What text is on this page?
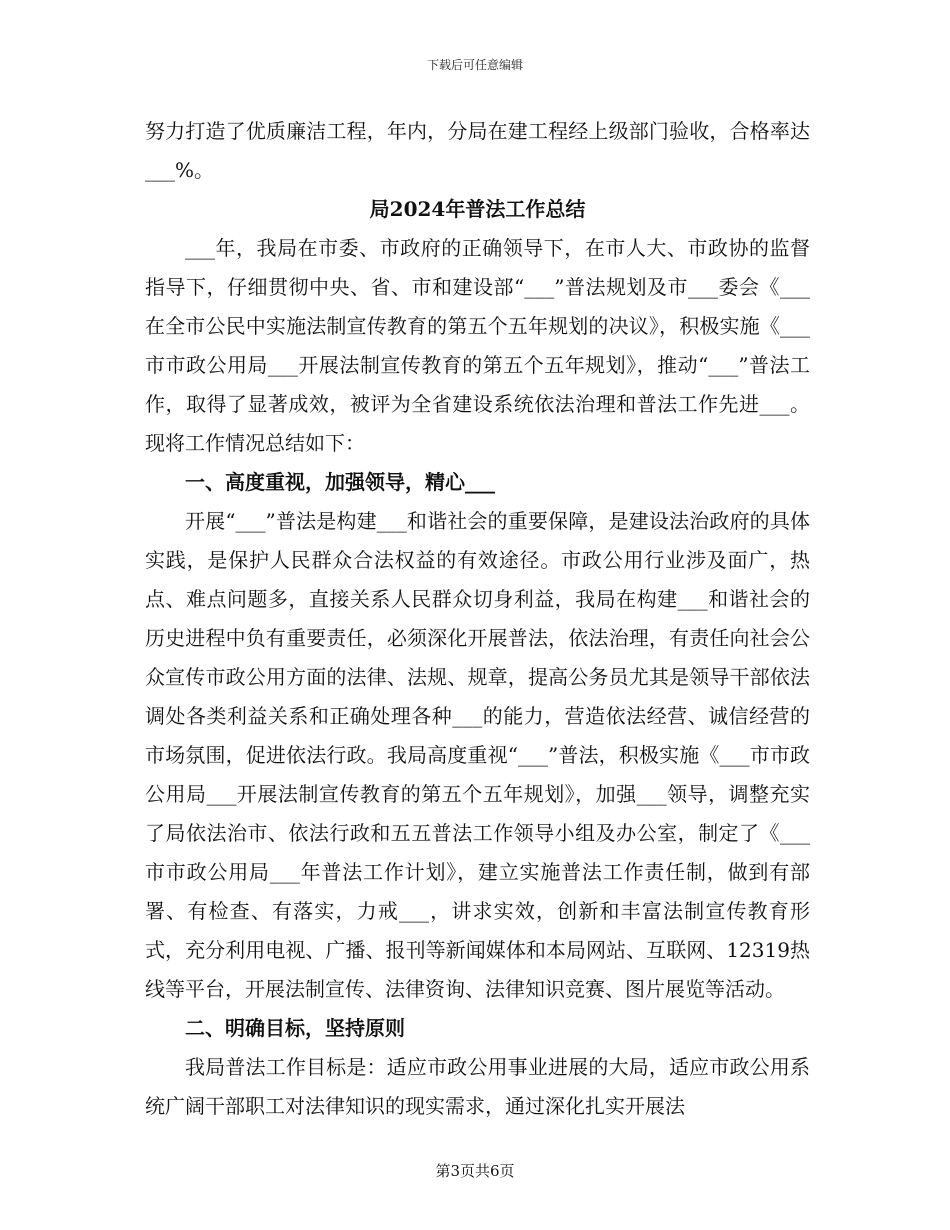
下载后可任意编辑

努力打造了优质廉洁工程，年内，分局在建工程经上级部门验收，合格率达___%。

局2024年普法工作总结

___年，我局在市委、市政府的正确领导下，在市人大、市政协的监督指导下，仔细贯彻中央、省、市和建设部“___”普法规划及市___委会《___在全市公民中实施法制宣传教育的第五个五年规划的决议》，积极实施《___市市政公用局___开展法制宣传教育的第五个五年规划》，推动“___”普法工作，取得了显著成效，被评为全省建设系统依法治理和普法工作先进___。现将工作情况总结如下：

一、高度重视，加强领导，精心___

开展“___”普法是构建___和谐社会的重要保障，是建设法治政府的具体实践，是保护人民群众合法权益的有效途径。市政公用行业涉及面广，热点、难点问题多，直接关系人民群众切身利益，我局在构建___和谐社会的历史进程中负有重要责任，必须深化开展普法，依法治理，有责任向社会公众宣传市政公用方面的法律、法规、规章，提高公务员尤其是领导干部依法调处各类利益关系和正确处理各种___的能力，营造依法经营、诚信经营的市场氛围，促进依法行政。我局高度重视“___”普法，积极实施《___市市政公用局___开展法制宣传教育的第五个五年规划》，加强___领导，调整充实了局依法治市、依法行政和五五普法工作领导小组及办公室，制定了《___市市政公用局___年普法工作计划》，建立实施普法工作责任制，做到有部署、有检查、有落实，力戒___，讲求实效，创新和丰富法制宣传教育形式，充分利用电视、广播、报刊等新闻媒体和本局网站、互联网、12319热线等平台，开展法制宣传、法律资询、法律知识竞赛、图片展览等活动。

二、明确目标，坚持原则

我局普法工作目标是：适应市政公用事业进展的大局，适应市政公用系统广阔干部职工对法律知识的现实需求，通过深化扎实开展法

第3页共6页
